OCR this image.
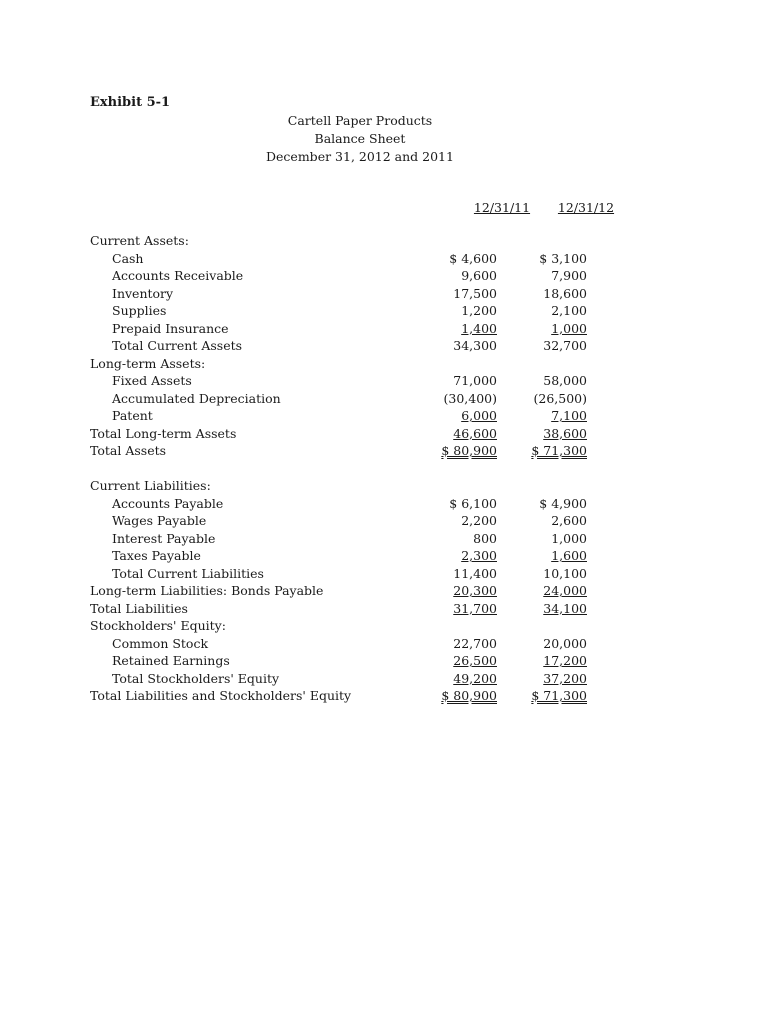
Exhibit 5-1
Cartell Paper Products
Balance Sheet
December 31, 2012 and 2011
12/31/11	12/31/12
Current Assets:
Cash	$ 4,600	$ 3,100
Accounts Receivable	9,600	7,900
Inventory	17,500	18,600
Supplies	1,200	2,100
Prepaid Insurance	1,400	1,000
Total Current Assets	34,300	32,700
Long-term Assets:
Fixed Assets	71,000	58,000
Accumulated Depreciation	(30,400)	(26,500)
Patent	6,000	7,100
Total Long-term Assets	46,600	38,600
Total Assets	$ 80,900	$ 71,300
Current Liabilities:
Accounts Payable	$ 6,100	$ 4,900
Wages Payable	2,200	2,600
Interest Payable	800	1,000
Taxes Payable	2,300	1,600
Total Current Liabilities	11,400	10,100
Long-term Liabilities: Bonds Payable	20,300	24,000
Total Liabilities	31,700	34,100
Stockholders' Equity:
Common Stock	22,700	20,000
Retained Earnings	26,500	17,200
Total Stockholders' Equity	49,200	37,200
Total Liabilities and Stockholders' Equity	$ 80,900	$ 71,300
